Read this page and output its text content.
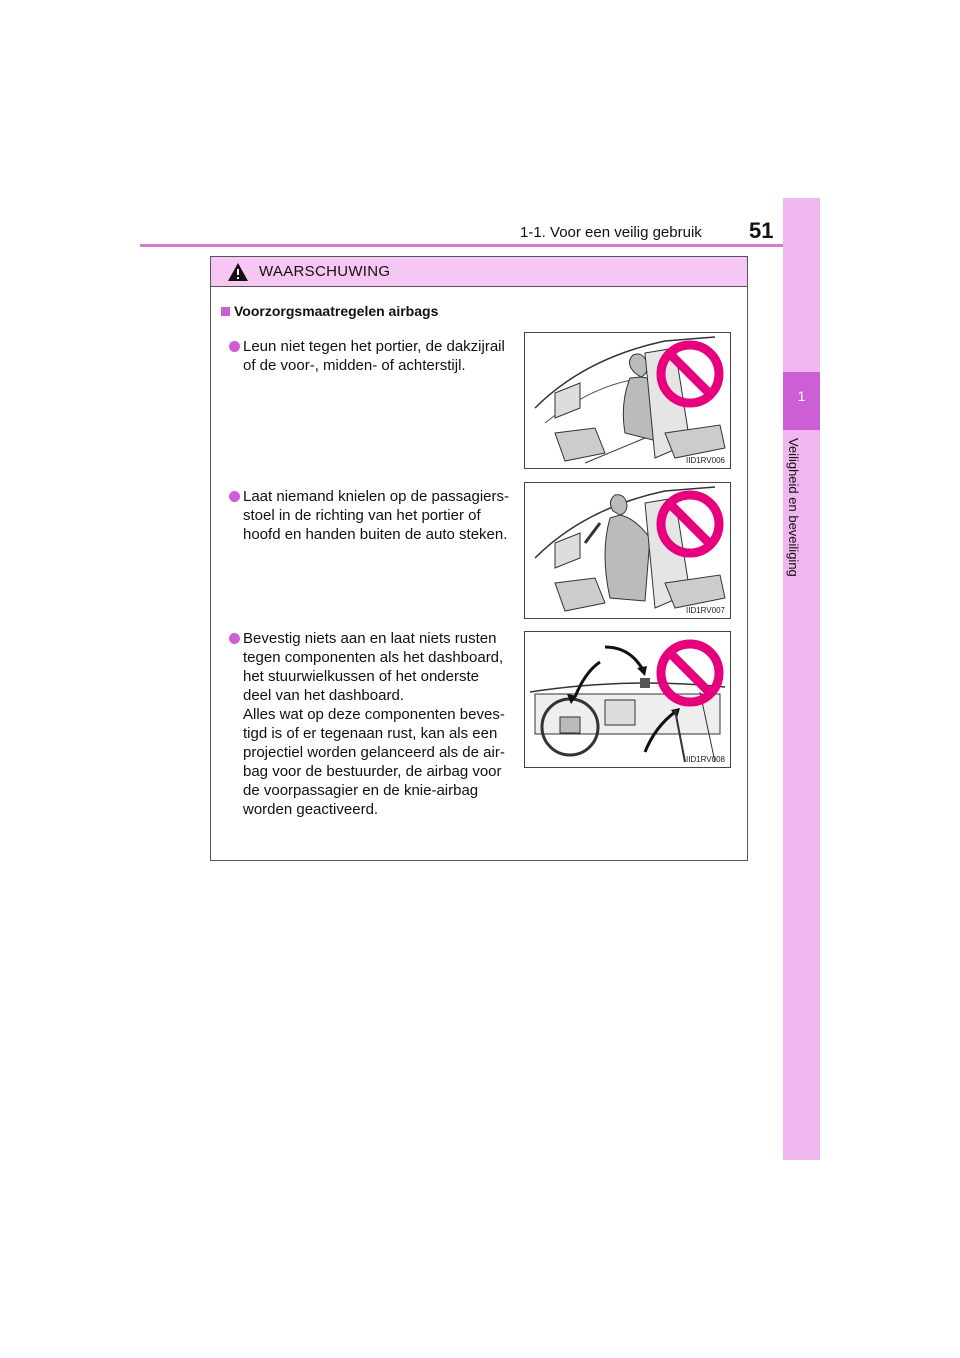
1-1. Voor een veilig gebruik 51
1
Veiligheid en beveiliging
WAARSCHUWING
Voorzorgsmaatregelen airbags
Leun niet tegen het portier, de dakzijrail
of de voor-, midden- of achterstijl.
IID1RV006
Laat niemand knielen op de passagiers-
stoel in de richting van het portier of
hoofd en handen buiten de auto steken.
IID1RV007
Bevestig niets aan en laat niets rusten
tegen componenten als het dashboard,
het stuurwielkussen of het onderste
deel van het dashboard.
Alles wat op deze componenten beves-
tigd is of er tegenaan rust, kan als een
projectiel worden gelanceerd als de air-
bag voor de bestuurder, de airbag voor
de voorpassagier en de knie-airbag
worden geactiveerd.
IID1RV008
